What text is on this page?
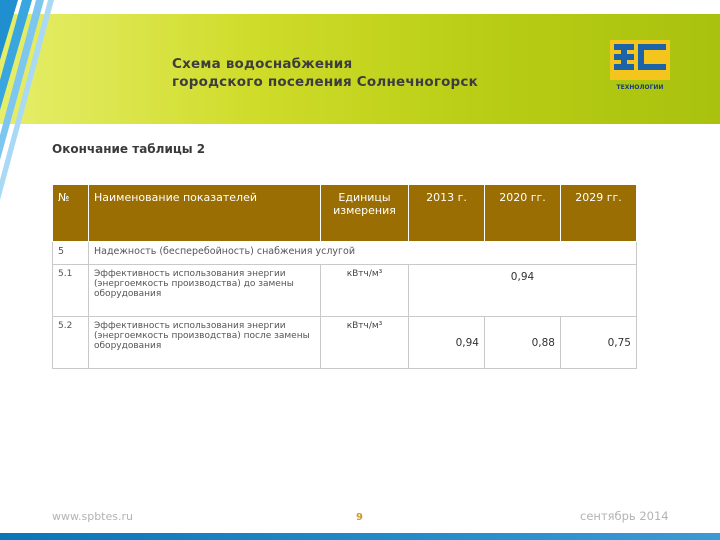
Схема водоснабжения
городского поселения Солнечногорск	ТЕХНОЛОГИИ
Окончание таблицы 2
№	Наименование показателей	Единицы измерения	2013 г.	2020 гг.	2029 гг.
5	Надежность (бесперебойность) снабжения услугой				
5.1	Эффективность использования энергии (энергоемкость производства) до замены оборудования	кВтч/м³	0,94		
5.2	Эффективность использования энергии (энергоемкость производства) после замены оборудования	кВтч/м³	0,94	0,88	0,75
www.spbtes.ru	9	сентябрь 2014
